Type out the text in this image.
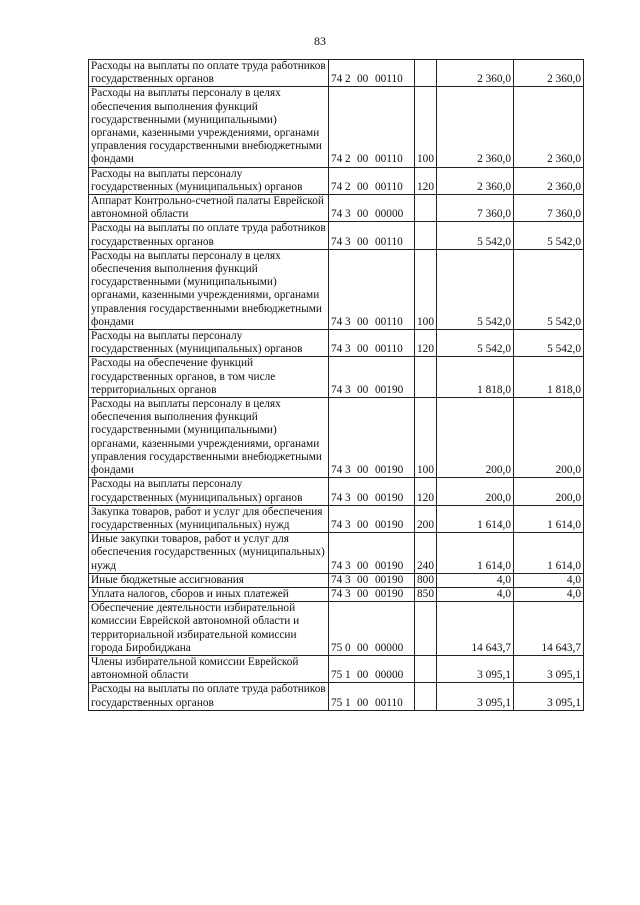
83
Расходы на выплаты по оплате труда работников государственных органов	74 2 00 00110		2 360,0	2 360,0
Расходы на выплаты персоналу в целях обеспечения выполнения функций государственными (муниципальными) органами, казенными учреждениями, органами управления государственными внебюджетными фондами	74 2 00 00110	100	2 360,0	2 360,0
Расходы на выплаты персоналу государственных (муниципальных) органов	74 2 00 00110	120	2 360,0	2 360,0
Аппарат Контрольно-счетной палаты Еврейской автономной области	74 3 00 00000		7 360,0	7 360,0
Расходы на выплаты по оплате труда работников государственных органов	74 3 00 00110		5 542,0	5 542,0
Расходы на выплаты персоналу в целях обеспечения выполнения функций государственными (муниципальными) органами, казенными учреждениями, органами управления государственными внебюджетными фондами	74 3 00 00110	100	5 542,0	5 542,0
Расходы на выплаты персоналу государственных (муниципальных) органов	74 3 00 00110	120	5 542,0	5 542,0
Расходы на обеспечение функций государственных органов, в том числе территориальных органов	74 3 00 00190		1 818,0	1 818,0
Расходы на выплаты персоналу в целях обеспечения выполнения функций государственными (муниципальными) органами, казенными учреждениями, органами управления государственными внебюджетными фондами	74 3 00 00190	100	200,0	200,0
Расходы на выплаты персоналу государственных (муниципальных) органов	74 3 00 00190	120	200,0	200,0
Закупка товаров, работ и услуг для обеспечения государственных (муниципальных) нужд	74 3 00 00190	200	1 614,0	1 614,0
Иные закупки товаров, работ и услуг для обеспечения государственных (муниципальных) нужд	74 3 00 00190	240	1 614,0	1 614,0
Иные бюджетные ассигнования	74 3 00 00190	800	4,0	4,0
Уплата налогов, сборов и иных платежей	74 3 00 00190	850	4,0	4,0
Обеспечение деятельности избирательной комиссии Еврейской автономной области и территориальной избирательной комиссии города Биробиджана	75 0 00 00000		14 643,7	14 643,7
Члены избирательной комиссии Еврейской автономной области	75 1 00 00000		3 095,1	3 095,1
Расходы на выплаты по оплате труда работников государственных органов	75 1 00 00110		3 095,1	3 095,1
